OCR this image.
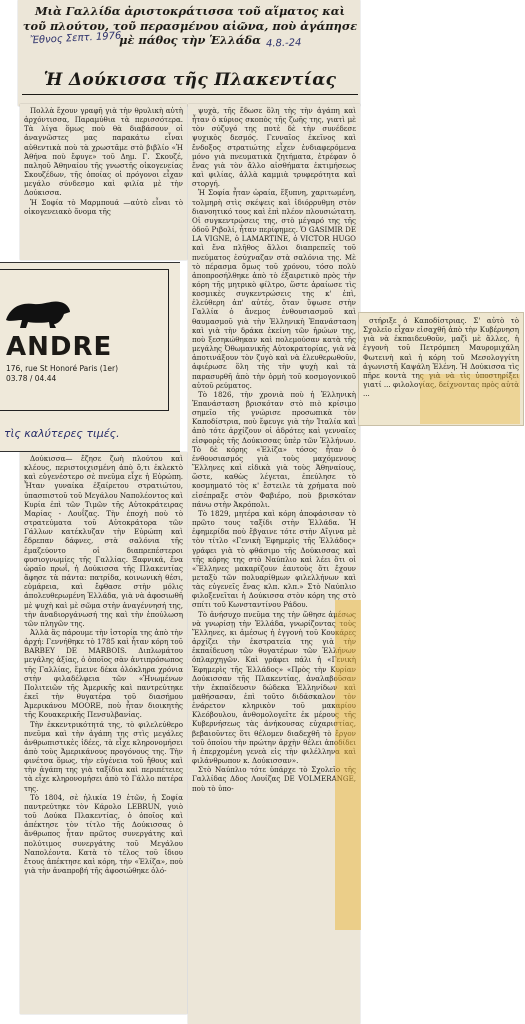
Μιὰ Γαλλίδα ἀριστοκράτισσα τοῦ αἵματος καὶ τοῦ πλούτου, τοῦ περασμένου αἰῶνα, ποὺ ἀγάπησε μὲ πάθος τὴν Ἑλλάδα
Ἔθνος Σεπτ. 1976	4.8.-24
Ἡ Δούκισσα τῆς Πλακεντίας

Πολλὰ ἔχουν γραφῆ γιὰ τὴν θρυλικὴ αὐτὴ ἀρχόντισσα, Παραμύθια τὰ περισσότερα. Τὰ λίγα ὅμως ποὺ θὰ διαβάσουν οἱ ἀναγνῶστες μας παρακάτω εἶναι αὐθεντικὰ ποὺ τὰ χρωστᾶμε στὸ βιβλίο «Ἡ Ἀθήνα ποὺ ἔφυγε» τοῦ Δημ. Γ. Σκουζέ, παληοῦ Ἀθηναίου τῆς γνωστῆς οἰκογενείας Σκουζέδων, τῆς ὁποίας οἱ πρόγονοι εἶχαν μεγάλο σύνδεσμο καὶ φιλία μὲ τὴν Δούκισσα.

Ἡ Σοφία τὸ Μαρμποuά —αὐτὸ εἶναι τὸ οἰκογενειακὸ ὄνομα τῆς

ψυχὰ, τῆς ἔδωσε ὅλη τὴς τὴν ἀγάπη καὶ ἦταν ὁ κύριος σκοπὸς τῆς ζωῆς της, γιατὶ μὲ τὸν σύζυγό της ποτὲ δὲ τὴν συνέδεσε ψυχικὸς δεσμός. Γενναῖος ἐκεῖνος καὶ ἔνδοξος στρατιώτης εἶχεν ἐνδιαφερόμενα μόνο γιὰ πνευματικὰ ζητήματα, ἐτρέφαν ὁ ἕνας γιὰ τὸν ἄλλο αἰσθήματα ἐκτιμήσεως καὶ φιλίας, ἀλλὰ καμμιὰ τρυφερότητα καὶ στοργή.

Ἡ Σοφία ἦταν ὡραία, ἔξυπνη, χαριτωμένη, τολμηρὴ στὶς σκέψεις καὶ ἰδιόρρυθμη στὸν διανοητικό τους καὶ ἐπὶ πλέον πλουσιώτατη. Οἱ συγκεντρώσεις της, στὸ μέγαρό της τῆς ὁδοῦ Ριβολί, ἦταν περίφημες. Ὁ GASIMIR DE LA VIGNE, ὁ LAMARTINE, ὁ VICTOR HUGO καὶ ἕνα πλῆθος ἄλλοι διαπρεπεῖς τοῦ πνεύματος ἐσύχναζαν στὰ σαλόνια της. Μὲ τὸ πέρασμα ὅμως τοῦ χρόνου, τόσο πολὺ ἀποπροσήλθηκε ἀπὸ τὸ ἐξαιρετικὸ πρὸς τὴν κόρη τῆς μητρικὸ φίλτρο, ὥστε ἀραίωσε τὶς κοσμικὲς συγκεντρώσεις της κ' ἐπὶ, ἐλεύθερη ἀπ' αὐτές, ὅταν ὕψωσε στὴν Γαλλία ὁ ἄνεμος ἐνθουσιασμοῦ καὶ θαυμασμοῦ γιὰ τὴν Ἑλληνικὴ Ἐπανάσταση καὶ γιὰ τὴν δράκα ἐκείνη τῶν ἡρώων της, ποὺ ξεσηκώθηκαν καὶ πολεμούσαν κατὰ τῆς μεγάλης Ὀθωμανικῆς Αὐτοκρατορίας, γιὰ νὰ ἀποτινάξουν τὸν ζυγὸ καὶ νὰ ἐλευθερωθοῦν, ἀφιέρωσε ὅλη τὴς τὴν ψυχὴ καὶ τὰ παρασυρθῆ ἀπὸ τὴν ὁρμὴ τοῦ κοσμογονικοῦ αὐτοῦ ρεύματος.

Τὸ 1826, τὴν χρονιὰ ποὺ ἡ Ἑλληνικὴ Ἐπανάσταση βρισκόταν στὸ πιὸ κρίσιμο σημεῖο τῆς γνώρισε προσωπικὰ τὸν Καποδίστρια, ποὺ ἔφευγε γιὰ τὴν Ἰταλία καὶ ἀπὸ τότε ἀρχίζουν οἱ ἁδρότες καὶ γενναῖες εἰσφορὲς τῆς Δούκισσας ὑπὲρ τῶν Ἑλλήνων. Τὸ δὲ κόρης «Ἐλίζα» τόσος ἦταν ὁ ἐνθουσιασμός γιὰ τοὺς μαχόμενους Ἕλληνες καὶ εἰδικὰ γιὰ τοὺς Ἀθηναίους, ὥστε, καθὼς λέγεται, ἐπεύλησε τὸ κοσμηματό τὸς κ' ἔστειλε τὰ χρήματα ποὺ εἰσέπραξε στὸν Φαβιέρο, ποὺ βρισκόταν πάνω στὴν Ἀκρόπολι.

Τὸ 1829, μητέρα καὶ κόρη ἀποφάσισαν τὸ πρῶτο τους ταξίδι στὴν Ἑλλάδα. Ἡ ἐφημερίδα ποὺ ἔβγαινε τότε στὴν Αἴγινα μὲ τὸν τίτλο «Γενικὴ Ἐφημερὶς τῆς Ἑλλάδος» γράφει γιὰ τὸ φθάσιμο τῆς Δούκισσας καὶ τῆς κόρης της στὸ Ναύπλιο καὶ λέει ὅτι οἱ «Ἕλληνες μακαρίζουν ἑαυτοὺς ὅτι ἔχουν μεταξὺ τῶν πολυαρίθμων φιλελλήνων καὶ τὰς εὐγενεῖς ἕνας κλπ. κλπ.» Στὸ Ναύπλιο φιλοξενεῖται ἡ Δούκισσα στὸν κόρη της στὸ σπίτι τοῦ Κωνσταντίνου Ράδου.

Τὸ ἀνήσυχο πνεῦμα της τὴν ὤθησε ἀμέσως νὰ γνωρίσῃ τὴν Ἑλλάδα, γνωρίζοντας τοὺς Ἕλληνες, κι ἀμέσως ἡ ἐγγονὴ τοῦ Κουκάρες ἀρχίζει τὴν ἐκστρατεία της γιὰ τὴν ἐκπαίδευση τῶν θυγατέρων τῶν Ἑλλήνων ὀπλαρχηγῶν. Καὶ γράφει πάλι ἡ «Γενικὴ Ἐφημερὶς τῆς Ἑλλάδος» «Πρὸς τὴν Κυρίαν Δούκισσαν τῆς Πλακεντίας, ἀναλαβοῦσαν τὴν ἐκπαίδευσιν δώδεκα Ἑλληνίδων καὶ μαθήσασαν, ἐπὶ τοῦτο διδάσκαλον τὸν ἐνάρετον κληρικὸν τοῦ μακαρίου Κλεόβουλου, ἀνθομολογεῖτε ἐκ μέρους τῆς Κυβερνήσεως τὰς ἀνήκουσας εὐχαριστίας, βεβαιοῦντες ὅτι θέλομεν διαδεχθῆ τὸ ἔργον τοῦ ὁποίου τὴν πρώτην ἀρχὴν θέλει ἀποδίδει ἡ ἐπερχομένη γενεὰ εἰς τὴν φιλέλληνα καὶ φιλάνθρωπον κ. Δούκισσαν».

Στὸ Ναύπλιο τότε ὑπάρχε τὸ Σχολεῖο τῆς Γαλλίδας Δδος Λουίζας DE VOLMERANGE, ποὺ τὸ ὑπο-

ANDRE
176, rue St Honoré Paris (1er)
03.78 / 04.44
τὶς καλύτερες τιμές.

Δούκισσα— ἔζησε ζωὴ πλούτου καὶ κλέους, περιστοιχισμένη ἀπὸ ὅ,τι ἐκλεκτὸ καὶ εὐγενέστερο σὲ πνεῦμα εἶχε ἡ Εὐρώπη. Ἦταν γυναίκα ἐξαίρετου στρατιώτου, ὑπασπιστοῦ τοῦ Μεγάλου Ναπολέοντος καὶ Κυρία ἐπὶ τῶν Τιμῶν τῆς Αὐτοκράτειρας Μαρίας - Λουΐζας. Τὴν ἐποχὴ ποὺ τὸ στρατεύματα τοῦ Αὐτοκράτορα τῶν Γάλλων κατέκλυζαν τὴν Εὐρώπη καὶ ἔδρεπαν δάφνες, στὰ σαλόνια τῆς ἐμαζεύοντο οἱ διαπρεπέστεροι φυσιογνωμίες τῆς Γαλλίας. Ξαφνικά, ἕνα ὡραῖο πρωΐ, ἡ Δούκισσα τῆς Πλακεντίας ἄφησε τὰ πάντα: πατρίδα, κοινωνικὴ θέσι, εὐμάρεια, καὶ ἔφθασε στὴν μόλις ἀπολευθερωμένη Ἑλλάδα, γιὰ νὰ ἀφοσιωθῆ μὲ ψυχὴ καὶ μὲ σῶμα στὴν ἀναγέννησή της, τὴν ἀναδιοργάνωσή της καὶ τὴν ἐπούλωση τῶν πληγῶν της.

Ἀλλὰ ἂς πάρουμε τὴν ἱστορία της ἀπὸ τὴν ἀρχή: Γεννήθηκε τὸ 1785 καὶ ἦταν κόρη τοῦ BARBEY DE MARBOIS. Διπλωμάτου μεγάλης ἀξίας, ὁ ὁποῖος σὰν ἀντιπρόσωπος τῆς Γαλλίας, ἔμεινε δέκα ὁλόκληρα χρόνια στὴν φιλαδέλφεια τῶν «Ἡνωμένων Πολιτειῶν τῆς Ἀμερικῆς καὶ παντρεύτηκε ἐκεῖ τὴν θυγατέρα τοῦ διασήμου Ἀμερικάνου MOORE, ποὺ ἦταν διοικητὴς τῆς Κουακερικῆς Πενσυλβανίας.

Τὴν ἐκκεντρικότητά της, τὸ φιλελεύθερο πνεῦμα καὶ τὴν ἀγάπη της στὶς μεγάλες ἀνθρωπιστικὲς ἰδέες, τὰ εἶχε κληρονομήσει ἀπὸ τοὺς Ἀμερικάνους προγόνους της. Τὴν φινέτσα ὅμως, τὴν εὐγένεια τοῦ ἤθους καὶ τὴν ἀγάπη της γιὰ ταξίδια καὶ περιπέτειες τὰ εἶχε κληρονομήσει ἀπὸ τὸ Γάλλο πατέρα της.

Τὸ 1804, σὲ ἡλικία 19 ἐτῶν, ἡ Σοφία παντρεύτηκε τὸν Κάρολο LEBRUN, γυιὸ τοῦ Δούκα Πλακεντίας, ὁ ὁποῖος καὶ ἀπέκτησε τὸν τίτλο τῆς Δούκισσας ὁ ἄνθρωπος ἦταν πρῶτος συνεργάτης καὶ πολύτιμος συνεργάτης τοῦ Μεγάλου Ναπολέοντα. Κατὰ τὸ τέλος τοῦ ἴδιου ἔτους ἀπέκτησε καὶ κόρη, τὴν «Ἐλίζα», ποὺ γιὰ τὴν ἀναπροβή τῆς ἀφοσιώθηκε ὁλό-

στήριξε ὁ Καποδίστριας. Σ' αὐτὸ τὸ Σχολεῖο εἶχαν εἰσαχθῆ ἀπὸ τὴν Κυβέρνηση γιὰ νὰ ἐκπαιδευθοῦν, μαζὶ μὲ ἄλλες, ἡ ἐγγονὴ τοῦ Πετρόμπεη Μαυρομιχάλη Φωτεινὴ καὶ ἡ κόρη τοῦ Μεσολογγίτη ἀγωνιστῆ Καψάλη Ἑλένη. Ἡ Δούκισσα τὶς πῆρε κοντὰ της γιὰ νὰ τὶς ὑποστηρίξει γιατί ... φιλολογίας, δείχνοντας πρὸς αὐτὰ ...
